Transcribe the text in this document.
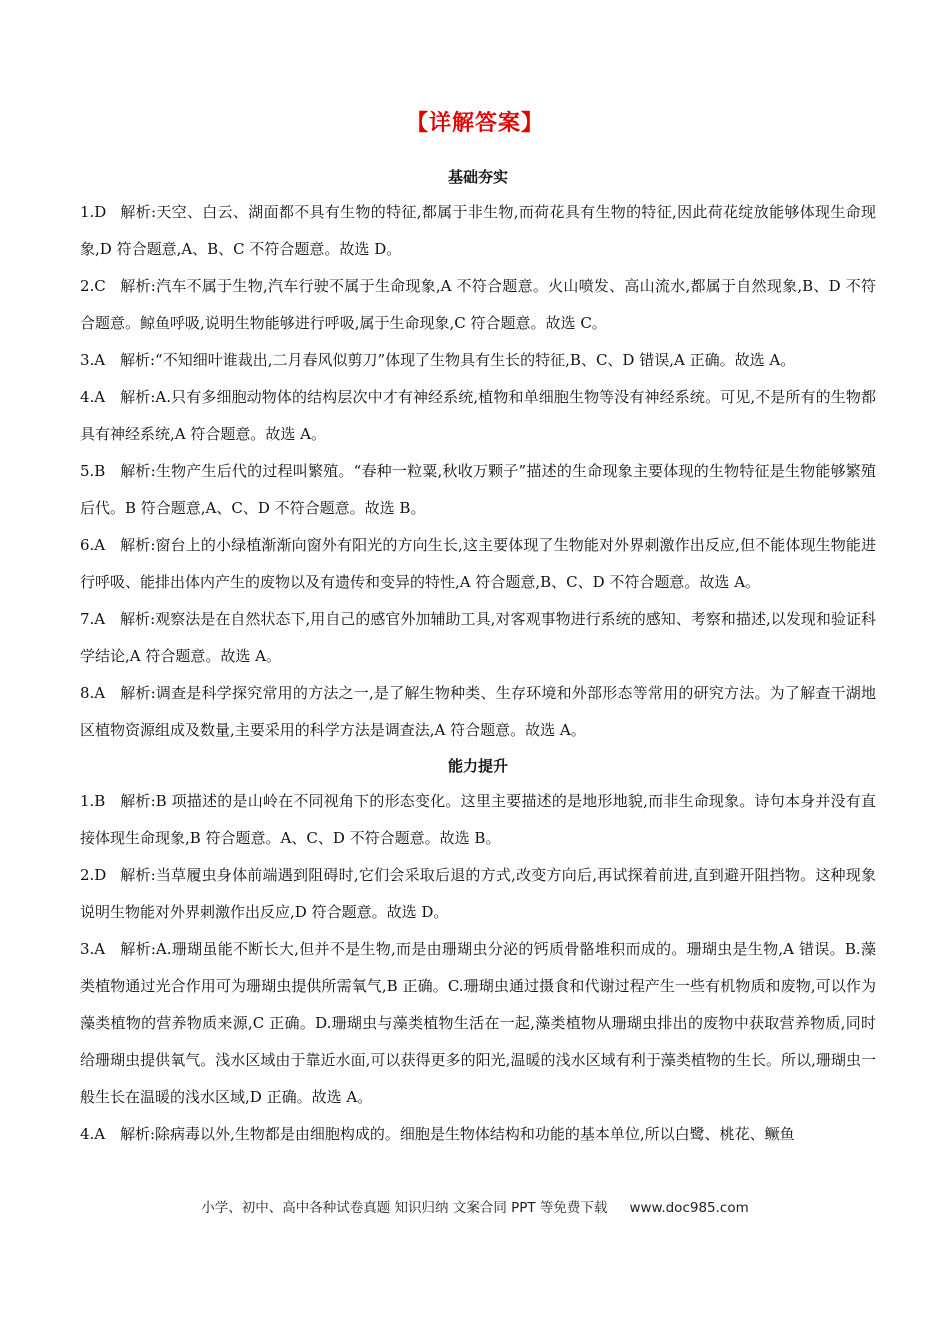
【详解答案】
基础夯实

1.D 解析:天空、白云、湖面都不具有生物的特征,都属于非生物,而荷花具有生物的特征,因此荷花绽放能够体现生命现象,D 符合题意,A、B、C 不符合题意。故选 D。

2.C 解析:汽车不属于生物,汽车行驶不属于生命现象,A 不符合题意。火山喷发、高山流水,都属于自然现象,B、D 不符合题意。鲸鱼呼吸,说明生物能够进行呼吸,属于生命现象,C 符合题意。故选 C。

3.A 解析:“不知细叶谁裁出,二月春风似剪刀”体现了生物具有生长的特征,B、C、D 错误,A 正确。故选 A。

4.A 解析:A.只有多细胞动物体的结构层次中才有神经系统,植物和单细胞生物等没有神经系统。可见,不是所有的生物都具有神经系统,A 符合题意。故选 A。

5.B 解析:生物产生后代的过程叫繁殖。“春种一粒粟,秋收万颗子”描述的生命现象主要体现的生物特征是生物能够繁殖后代。B 符合题意,A、C、D 不符合题意。故选 B。

6.A 解析:窗台上的小绿植渐渐向窗外有阳光的方向生长,这主要体现了生物能对外界刺激作出反应,但不能体现生物能进行呼吸、能排出体内产生的废物以及有遗传和变异的特性,A 符合题意,B、C、D 不符合题意。故选 A。

7.A 解析:观察法是在自然状态下,用自己的感官外加辅助工具,对客观事物进行系统的感知、考察和描述,以发现和验证科学结论,A 符合题意。故选 A。

8.A 解析:调查是科学探究常用的方法之一,是了解生物种类、生存环境和外部形态等常用的研究方法。为了解查干湖地区植物资源组成及数量,主要采用的科学方法是调查法,A 符合题意。故选 A。

能力提升

1.B 解析:B 项描述的是山岭在不同视角下的形态变化。这里主要描述的是地形地貌,而非生命现象。诗句本身并没有直接体现生命现象,B 符合题意。A、C、D 不符合题意。故选 B。

2.D 解析:当草履虫身体前端遇到阻碍时,它们会采取后退的方式,改变方向后,再试探着前进,直到避开阻挡物。这种现象说明生物能对外界刺激作出反应,D 符合题意。故选 D。

3.A 解析:A.珊瑚虽能不断长大,但并不是生物,而是由珊瑚虫分泌的钙质骨骼堆积而成的。珊瑚虫是生物,A 错误。B.藻类植物通过光合作用可为珊瑚虫提供所需氧气,B 正确。C.珊瑚虫通过摄食和代谢过程产生一些有机物质和废物,可以作为藻类植物的营养物质来源,C 正确。D.珊瑚虫与藻类植物生活在一起,藻类植物从珊瑚虫排出的废物中获取营养物质,同时给珊瑚虫提供氧气。浅水区域由于靠近水面,可以获得更多的阳光,温暖的浅水区域有利于藻类植物的生长。所以,珊瑚虫一般生长在温暖的浅水区域,D 正确。故选 A。

4.A 解析:除病毒以外,生物都是由细胞构成的。细胞是生物体结构和功能的基本单位,所以白鹭、桃花、鳜鱼

小学、初中、高中各种试卷真题 知识归纳 文案合同 PPT 等免费下载 www.doc985.com
